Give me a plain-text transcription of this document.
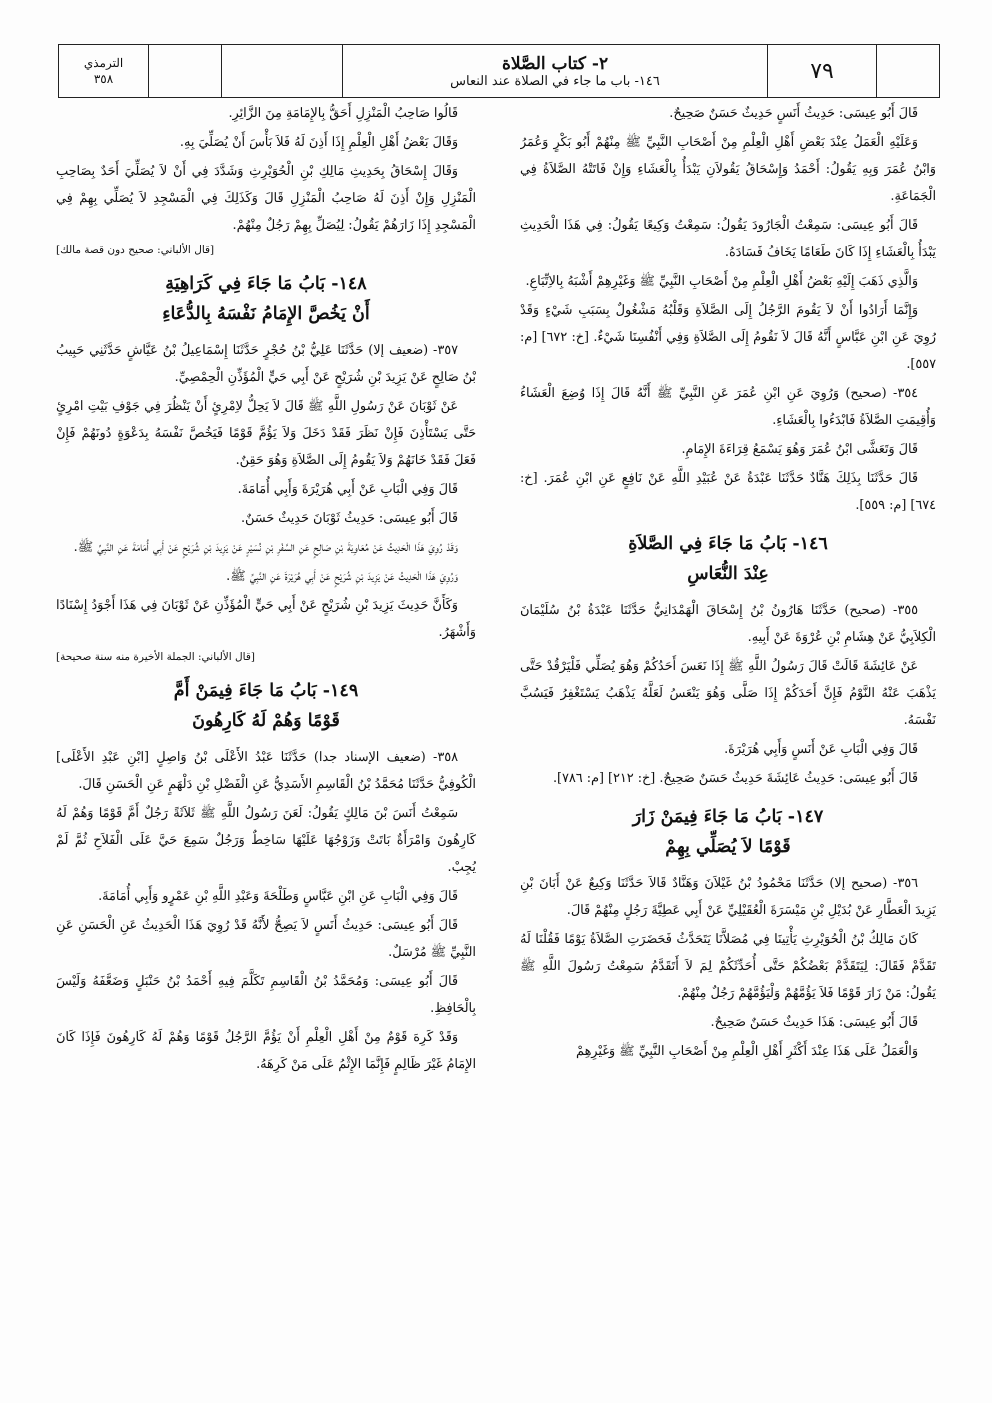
٧٩
٢- كتاب الصَّلاة
١٤٦- باب ما جاء في الصلاة عند النعاس
الترمذي
٣٥٨

قَالَ أَبُو عِيسَى: حَدِيثُ أَنَسٍ حَدِيثٌ حَسَنٌ صَحِيحٌ.

وَعَلَيْهِ الْعَمَلُ عِنْدَ بَعْضِ أَهْلِ الْعِلْمِ مِنْ أَصْحَابِ النَّبِيِّ ﷺ مِنْهُمْ أَبُو بَكْرٍ وَعُمَرُ وَابْنُ عُمَرَ وَبِهِ يَقُولُ: أَحْمَدُ وَإِسْحَاقُ يَقُولاَنِ يَبْدَأُ بِالْعَشَاءِ وَإِنْ فَاتَتْهُ الصَّلاَةُ فِي الْجَمَاعَةِ.

قَالَ أَبُو عِيسَى: سَمِعْتُ الْجَارُودَ يَقُولُ: سَمِعْتُ وَكِيعًا يَقُولُ: فِي هَذَا الْحَدِيثِ يَبْدَأُ بِالْعَشَاءِ إِذَا كَانَ طَعَامًا يَخَافُ فَسَادَهُ.

وَالَّذِي ذَهَبَ إِلَيْهِ بَعْضُ أَهْلِ الْعِلْمِ مِنْ أَصْحَابِ النَّبِيِّ ﷺ وَغَيْرِهِمْ أَشْبَهُ بِالاِتِّبَاعِ.

وَإِنَّمَا أَرَادُوا أَنْ لاَ يَقُومَ الرَّجُلُ إِلَى الصَّلاَةِ وَقَلْبُهُ مَشْغُولٌ بِسَبَبِ شَيْءٍ وَقَدْ رُوِيَ عَنِ ابْنِ عَبَّاسٍ أَنَّهُ قَالَ لاَ نَقُومُ إِلَى الصَّلاَةِ وَفِي أَنْفُسِنَا شَيْءٌ. [خ: ٦٧٢] [م: ٥٥٧].

٣٥٤- (صحيح) وَرُوِيَ عَنِ ابْنِ عُمَرَ عَنِ النَّبِيِّ ﷺ أَنَّهُ قَالَ إِذَا وُضِعَ الْعَشَاءُ وَأُقِيمَتِ الصَّلاَةُ فَابْدَءُوا بِالْعَشَاءِ.

قَالَ وَتَعَشَّى ابْنُ عُمَرَ وَهُوَ يَسْمَعُ قِرَاءَةَ الإِمَامِ.

قَالَ حَدَّثَنَا بِذَلِكَ هَنَّادٌ حَدَّثَنَا عَبْدَةُ عَنْ عُبَيْدِ اللَّهِ عَنْ نَافِعٍ عَنِ ابْنِ عُمَرَ. [خ: ٦٧٤] [م: ٥٥٩].

١٤٦- بَابُ مَا جَاءَ فِي الصَّلاَةِ
عِنْدَ النُّعَاسِ

٣٥٥- (صحيح) حَدَّثَنَا هَارُونُ بْنُ إِسْحَاقَ الْهَمْدَانِيُّ حَدَّثَنَا عَبْدَةُ بْنُ سُلَيْمَانَ الْكِلاَبِيُّ عَنْ هِشَامِ بْنِ عُرْوَةَ عَنْ أَبِيهِ.

عَنْ عَائِشَةَ قَالَتْ قَالَ رَسُولُ اللَّهِ ﷺ إِذَا نَعَسَ أَحَدُكُمْ وَهُوَ يُصَلِّي فَلْيَرْقُدْ حَتَّى يَذْهَبَ عَنْهُ النَّوْمُ فَإِنَّ أَحَدَكُمْ إِذَا صَلَّى وَهُوَ يَنْعَسُ لَعَلَّهُ يَذْهَبُ يَسْتَغْفِرُ فَيَسُبَّ نَفْسَهُ.

قَالَ وَفِي الْبَابِ عَنْ أَنَسٍ وَأَبِي هُرَيْرَةَ.

قَالَ أَبُو عِيسَى: حَدِيثُ عَائِشَةَ حَدِيثٌ حَسَنٌ صَحِيحٌ. [خ: ٢١٢] [م: ٧٨٦].

١٤٧- بَابُ مَا جَاءَ فِيمَنْ زَارَ
قَوْمًا لاَ يُصَلِّي بِهِمْ

٣٥٦- (صحيح إلا) حَدَّثَنَا مَحْمُودُ بْنُ غَيْلاَنَ وَهَنَّادٌ قَالاَ حَدَّثَنَا وَكِيعٌ عَنْ أَبَانَ بْنِ يَزِيدَ الْعَطَّارِ عَنْ بُدَيْلِ بْنِ مَيْسَرَةَ الْعُقَيْلِيِّ عَنْ أَبِي عَطِيَّةَ رَجُلٍ مِنْهُمْ قَالَ.

كَانَ مَالِكُ بْنُ الْحُوَيْرِثِ يَأْتِينَا فِي مُصَلاَّنَا يَتَحَدَّثُ فَحَضَرَتِ الصَّلاَةُ يَوْمًا فَقُلْنَا لَهُ تَقَدَّمْ فَقَالَ: لِيَتَقَدَّمْ بَعْضُكُمْ حَتَّى أُحَدِّثَكُمْ لِمَ لاَ أَتَقَدَّمُ سَمِعْتُ رَسُولَ اللَّهِ ﷺ يَقُولُ: مَنْ زَارَ قَوْمًا فَلاَ يَؤُمَّهُمْ وَلْيَؤُمَّهُمْ رَجُلٌ مِنْهُمْ.

قَالَ أَبُو عِيسَى: هَذَا حَدِيثٌ حَسَنٌ صَحِيحٌ.

وَالْعَمَلُ عَلَى هَذَا عِنْدَ أَكْثَرِ أَهْلِ الْعِلْمِ مِنْ أَصْحَابِ النَّبِيِّ ﷺ وَغَيْرِهِمْ

قَالُوا صَاحِبُ الْمَنْزِلِ أَحَقُّ بِالإِمَامَةِ مِنَ الزَّائِرِ.

وَقَالَ بَعْضُ أَهْلِ الْعِلْمِ إِذَا أَذِنَ لَهُ فَلاَ بَأْسَ أَنْ يُصَلِّيَ بِهِ.

وَقَالَ إِسْحَاقُ بِحَدِيثِ مَالِكِ بْنِ الْحُوَيْرِثِ وَشَدَّدَ فِي أَنْ لاَ يُصَلِّيَ أَحَدٌ بِصَاحِبِ الْمَنْزِلِ وَإِنْ أَذِنَ لَهُ صَاحِبُ الْمَنْزِلِ قَالَ وَكَذَلِكَ فِي الْمَسْجِدِ لاَ يُصَلِّي بِهِمْ فِي الْمَسْجِدِ إِذَا زَارَهُمْ يَقُولُ: لِيُصَلِّ بِهِمْ رَجُلٌ مِنْهُمْ.

[قال الألباني: صحيح دون قصة مالك]

١٤٨- بَابُ مَا جَاءَ فِي كَرَاهِيَةِ
أَنْ يَخُصَّ الإِمَامُ نَفْسَهُ بِالدُّعَاءِ

٣٥٧- (ضعيف إلا) حَدَّثَنَا عَلِيُّ بْنُ حُجْرٍ حَدَّثَنَا إِسْمَاعِيلُ بْنُ عَيَّاشٍ حَدَّثَنِي حَبِيبُ بْنُ صَالِحٍ عَنْ يَزِيدَ بْنِ شُرَيْحٍ عَنْ أَبِي حَيٍّ الْمُؤَذِّنِ الْحِمْصِيِّ.

عَنْ ثَوْبَانَ عَنْ رَسُولِ اللَّهِ ﷺ قَالَ لاَ يَحِلُّ لاِمْرِئٍ أَنْ يَنْظُرَ فِي جَوْفِ بَيْتِ امْرِئٍ حَتَّى يَسْتَأْذِنَ فَإِنْ نَظَرَ فَقَدْ دَخَلَ وَلاَ يَؤُمَّ قَوْمًا فَيَخُصَّ نَفْسَهُ بِدَعْوَةٍ دُونَهُمْ فَإِنْ فَعَلَ فَقَدْ خَانَهُمْ وَلاَ يَقُومُ إِلَى الصَّلاَةِ وَهُوَ حَقِنٌ.

قَالَ وَفِي الْبَابِ عَنْ أَبِي هُرَيْرَةَ وَأَبِي أُمَامَةَ.

قَالَ أَبُو عِيسَى: حَدِيثُ ثَوْبَانَ حَدِيثٌ حَسَنٌ.

وَقَدْ رُوِيَ هَذَا الْحَدِيثُ عَنْ مُعَاوِيَةَ بْنِ صَالِحٍ عَنِ السَّفْرِ بْنِ نُسَيْرٍ عَنْ يَزِيدَ بْنِ شُرَيْحٍ عَنْ أَبِي أُمَامَةَ عَنِ النَّبِيِّ ﷺ.

وَرُوِيَ هَذَا الْحَدِيثُ عَنْ يَزِيدَ بْنِ شُرَيْحٍ عَنْ أَبِي هُرَيْرَةَ عَنِ النَّبِيِّ ﷺ.

وَكَأَنَّ حَدِيثَ يَزِيدَ بْنِ شُرَيْحٍ عَنْ أَبِي حَيٍّ الْمُؤَذِّنِ عَنْ ثَوْبَانَ فِي هَذَا أَجْوَدُ إِسْنَادًا وَأَشْهَرُ.

[قال الألباني: الجملة الأخيرة منه سنة صحيحة]

١٤٩- بَابُ مَا جَاءَ فِيمَنْ أَمَّ
قَوْمًا وَهُمْ لَهُ كَارِهُونَ

٣٥٨- (ضعيف الإسناد جدا) حَدَّثَنَا عَبْدُ الأَعْلَى بْنُ وَاصِلٍ [ابْنِ عَبْدِ الأَعْلَى] الْكُوفِيُّ حَدَّثَنَا مُحَمَّدُ بْنُ الْقَاسِمِ الأَسَدِيُّ عَنِ الْفَضْلِ بْنِ دَلْهَمٍ عَنِ الْحَسَنِ قَالَ.

سَمِعْتُ أَنَسَ بْنَ مَالِكٍ يَقُولُ: لَعَنَ رَسُولُ اللَّهِ ﷺ ثَلاَثَةً رَجُلٌ أَمَّ قَوْمًا وَهُمْ لَهُ كَارِهُونَ وَامْرَأَةٌ بَاتَتْ وَزَوْجُهَا عَلَيْهَا سَاخِطٌ وَرَجُلٌ سَمِعَ حَيَّ عَلَى الْفَلاَحِ ثُمَّ لَمْ يُجِبْ.

قَالَ وَفِي الْبَابِ عَنِ ابْنِ عَبَّاسٍ وَطَلْحَةَ وَعَبْدِ اللَّهِ بْنِ عَمْرٍو وَأَبِي أُمَامَةَ.

قَالَ أَبُو عِيسَى: حَدِيثُ أَنَسٍ لاَ يَصِحُّ لأَنَّهُ قَدْ رُوِيَ هَذَا الْحَدِيثُ عَنِ الْحَسَنِ عَنِ النَّبِيِّ ﷺ مُرْسَلٌ.

قَالَ أَبُو عِيسَى: وَمُحَمَّدُ بْنُ الْقَاسِمِ تَكَلَّمَ فِيهِ أَحْمَدُ بْنُ حَنْبَلٍ وَضَعَّفَهُ وَلَيْسَ بِالْحَافِظِ.

وَقَدْ كَرِهَ قَوْمٌ مِنْ أَهْلِ الْعِلْمِ أَنْ يَؤُمَّ الرَّجُلُ قَوْمًا وَهُمْ لَهُ كَارِهُونَ فَإِذَا كَانَ الإِمَامُ غَيْرَ ظَالِمٍ فَإِنَّمَا الإِثْمُ عَلَى مَنْ كَرِهَهُ.
